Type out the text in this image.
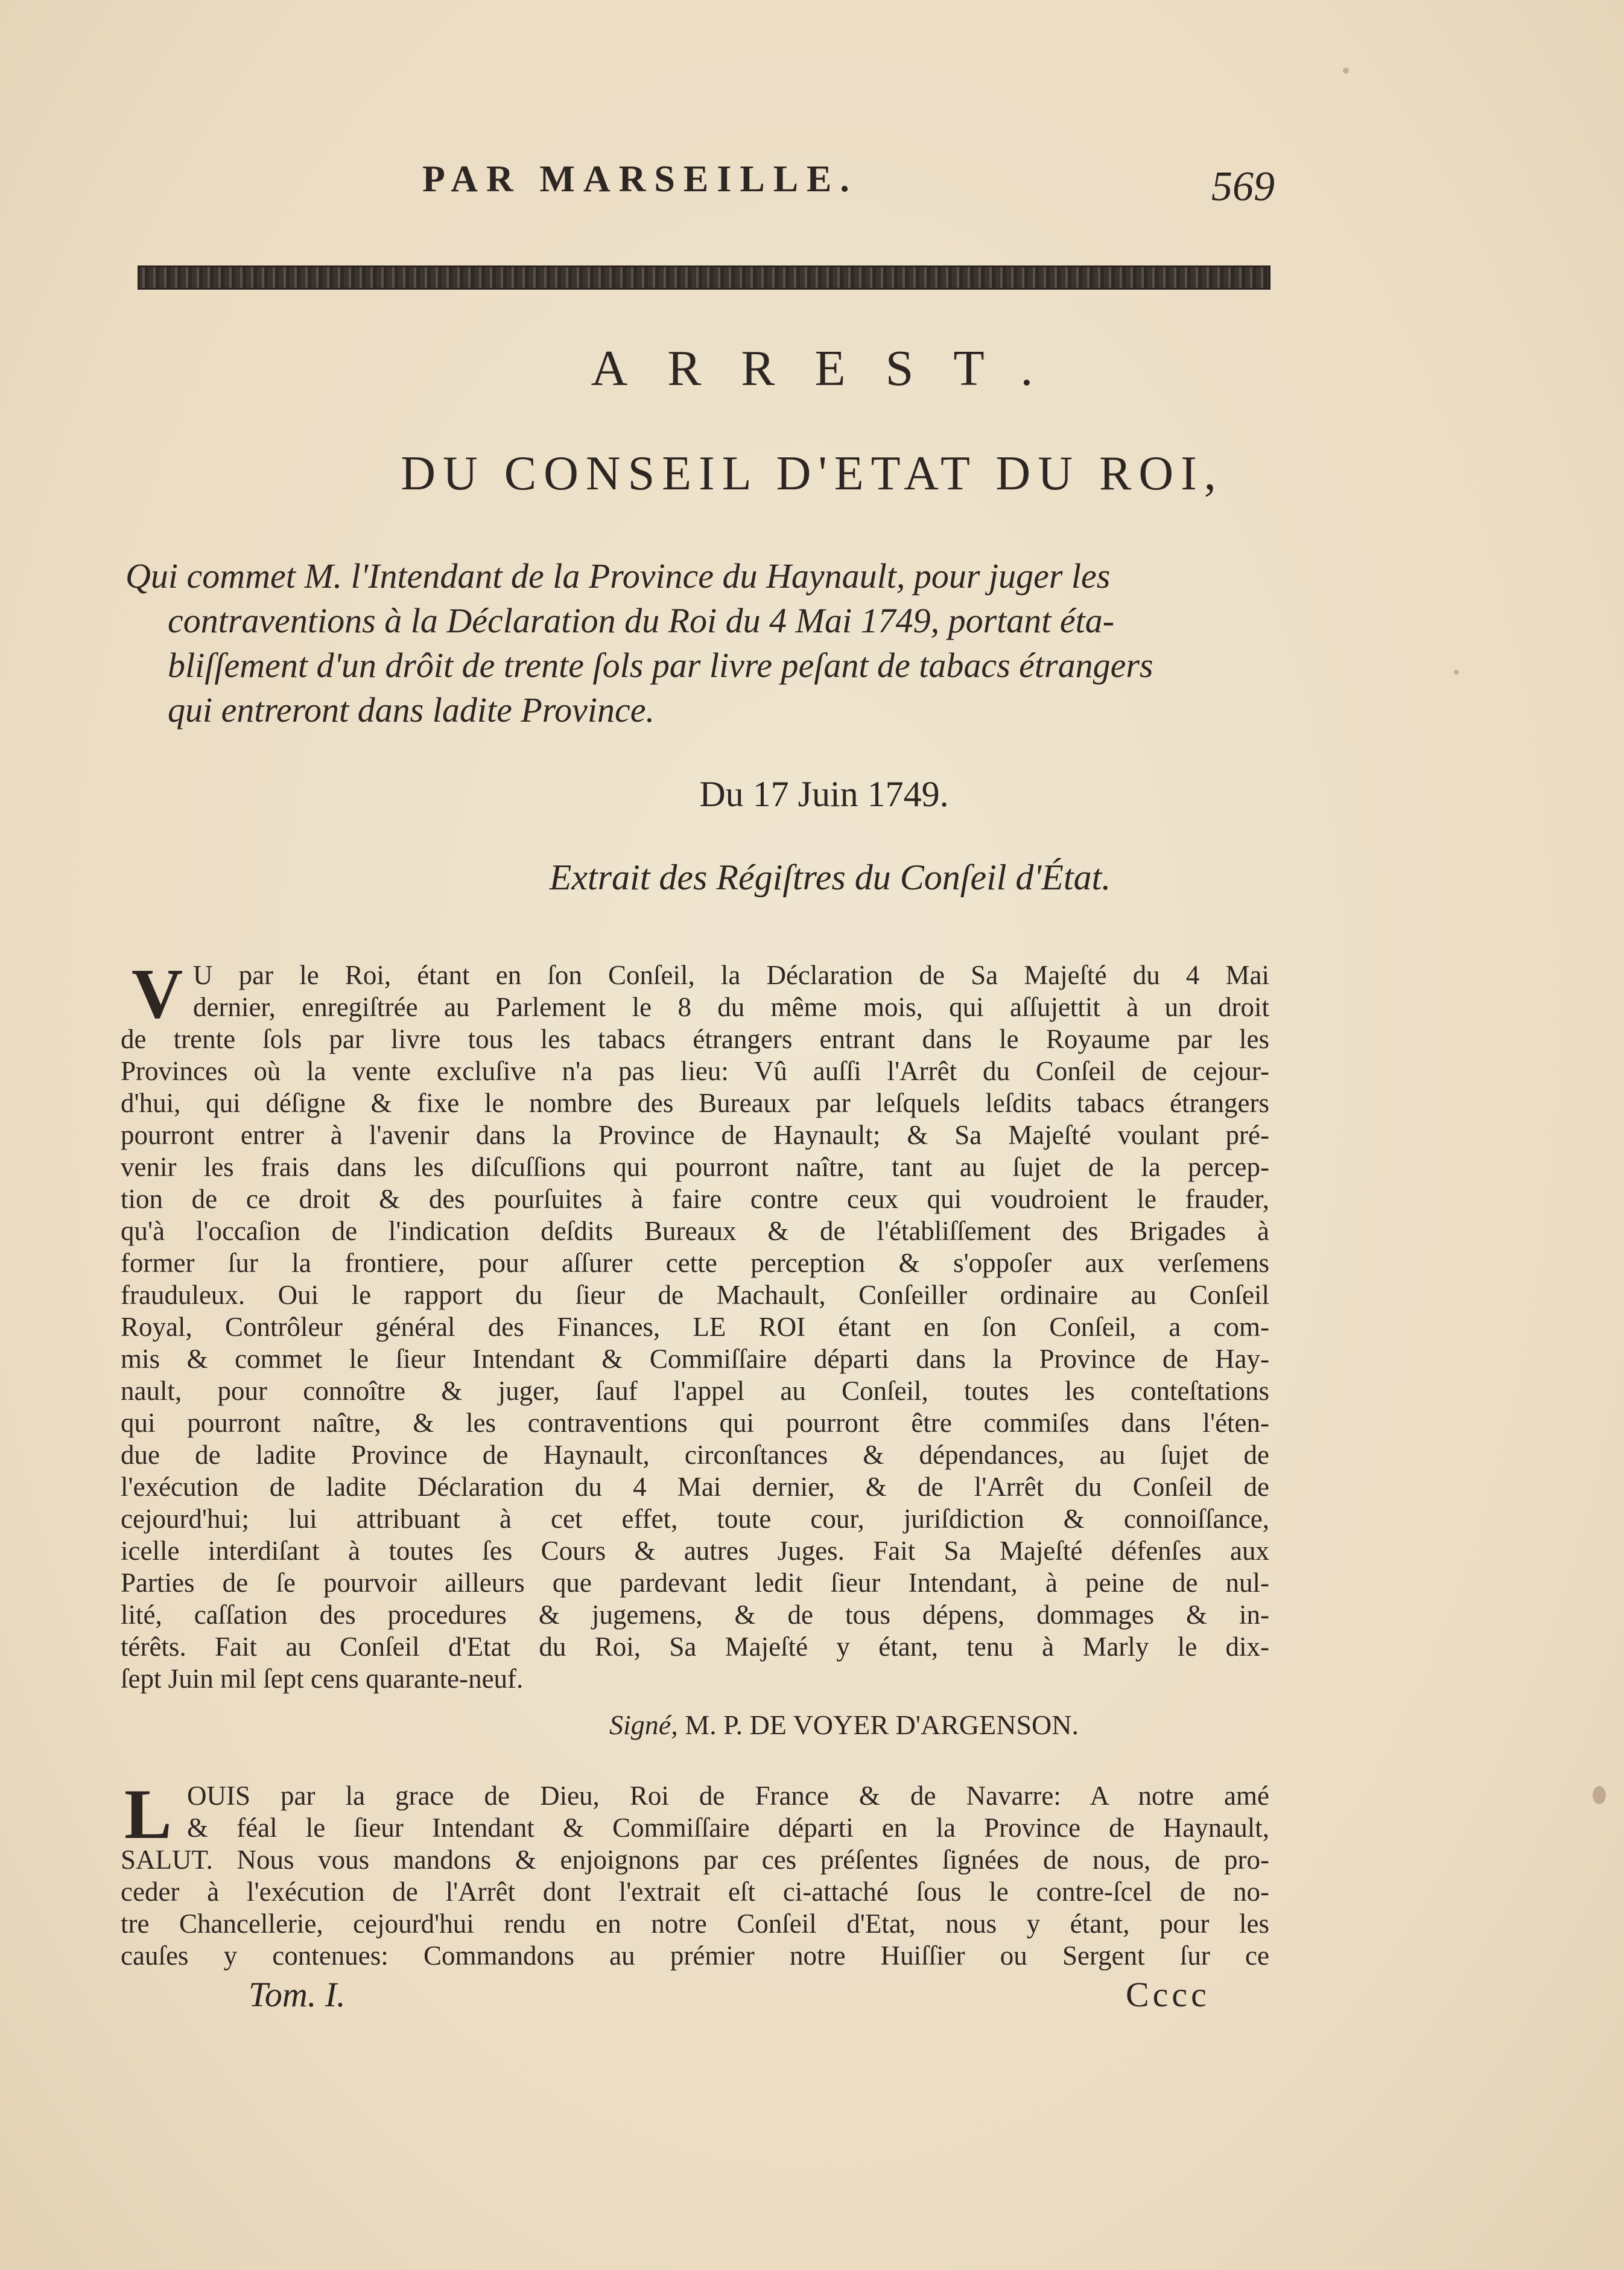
PAR MARSEILLE.	569
ARREST.
DU CONSEIL D'ETAT DU ROI,
Qui commet M. l'Intendant de la Province du Haynault, pour juger les
contraventions à la Déclaration du Roi du 4 Mai 1749, portant éta-
bliſſement d'un drôit de trente ſols par livre peſant de tabacs étrangers
qui entreront dans ladite Province.
Du 17 Juin 1749.
Extrait des Régiſtres du Conſeil d'État.
V U par le Roi, étant en ſon Conſeil, la Déclaration de Sa Majeſté du 4 Mai
dernier, enregiſtrée au Parlement le 8 du même mois, qui aſſujettit à un droit
de trente ſols par livre tous les tabacs étrangers entrant dans le Royaume par les
Provinces où la vente excluſive n'a pas lieu: Vû auſſi l'Arrêt du Conſeil de cejour-
d'hui, qui déſigne & fixe le nombre des Bureaux par leſquels leſdits tabacs étrangers
pourront entrer à l'avenir dans la Province de Haynault; & Sa Majeſté voulant pré-
venir les frais dans les diſcuſſions qui pourront naître, tant au ſujet de la percep-
tion de ce droit & des pourſuites à faire contre ceux qui voudroient le frauder,
qu'à l'occaſion de l'indication deſdits Bureaux & de l'établiſſement des Brigades à
former ſur la frontiere, pour aſſurer cette perception & s'oppoſer aux verſemens
frauduleux. Oui le rapport du ſieur de Machault, Conſeiller ordinaire au Conſeil
Royal, Contrôleur général des Finances, LE ROI étant en ſon Conſeil, a com-
mis & commet le ſieur Intendant & Commiſſaire départi dans la Province de Hay-
nault, pour connoître & juger, ſauf l'appel au Conſeil, toutes les conteſtations
qui pourront naître, & les contraventions qui pourront être commiſes dans l'éten-
due de ladite Province de Haynault, circonſtances & dépendances, au ſujet de
l'exécution de ladite Déclaration du 4 Mai dernier, & de l'Arrêt du Conſeil de
cejourd'hui; lui attribuant à cet effet, toute cour, juriſdiction & connoiſſance,
icelle interdiſant à toutes ſes Cours & autres Juges. Fait Sa Majeſté défenſes aux
Parties de ſe pourvoir ailleurs que pardevant ledit ſieur Intendant, à peine de nul-
lité, caſſation des procedures & jugemens, & de tous dépens, dommages & in-
térêts. Fait au Conſeil d'Etat du Roi, Sa Majeſté y étant, tenu à Marly le dix-
ſept Juin mil ſept cens quarante-neuf.
Signé, M. P. DE VOYER D'ARGENSON.
L OUIS par la grace de Dieu, Roi de France & de Navarre: A notre amé
& féal le ſieur Intendant & Commiſſaire départi en la Province de Haynault,
SALUT. Nous vous mandons & enjoignons par ces préſentes ſignées de nous, de pro-
ceder à l'exécution de l'Arrêt dont l'extrait eſt ci-attaché ſous le contre-ſcel de no-
tre Chancellerie, cejourd'hui rendu en notre Conſeil d'Etat, nous y étant, pour les
cauſes y contenues: Commandons au prémier notre Huiſſier ou Sergent ſur ce
Tom. I.	Cccc
